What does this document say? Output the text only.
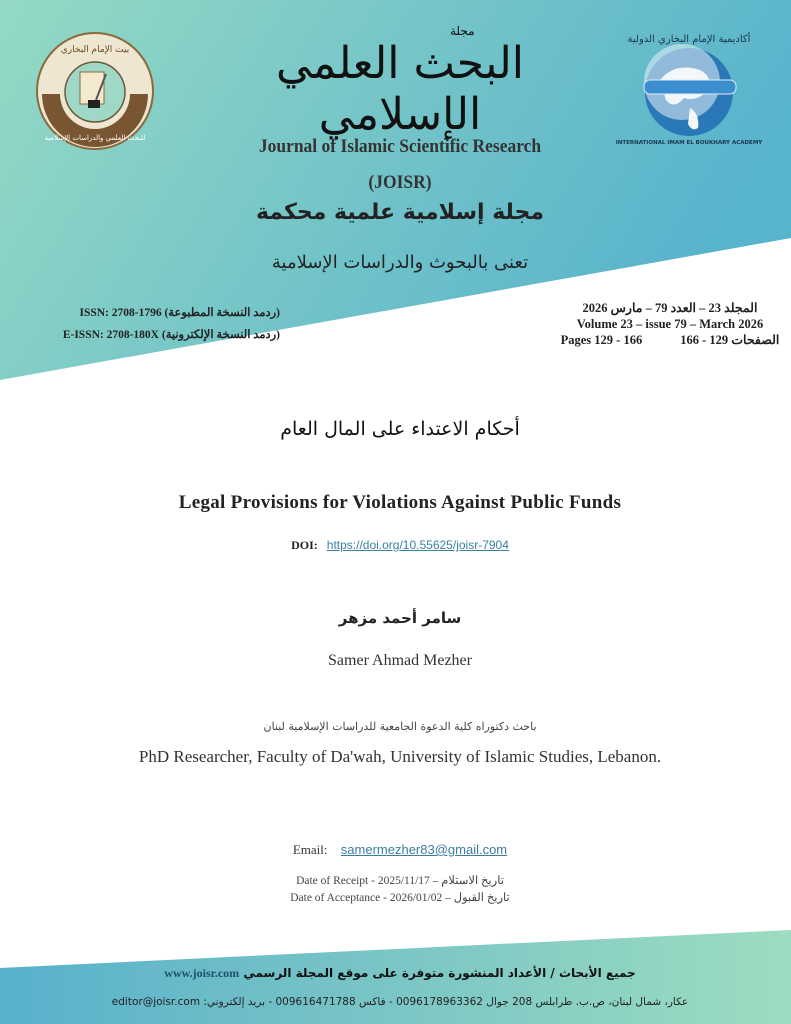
بيت الإمام البخاري
للبحث العلمي والدراسات الإسلامية
أكاديمية الإمام البخاري الدولية
INTERNATIONAL IMAM EL BOUKHARY ACADEMY
مجلة
البحث العلمي الإسلامي
Journal of Islamic Scientific Research
(JOISR)
مجلة إسلامية علمية محكمة
تعنى بالبحوث والدراسات الإسلامية
ISSN: 2708-1796 (ردمد النسخة المطبوعة)
E-ISSN: 2708-180X (ردمد النسخة الإلكترونية)
المجلد 23 – العدد 79 – مارس 2026
Volume 23 – issue 79 – March 2026
Pages 129 - 166	الصفحات 129 - 166
أحكام الاعتداء على المال العام
Legal Provisions for Violations Against Public Funds
DOI: https://doi.org/10.55625/joisr-7904
سامر أحمد مزهر
Samer Ahmad Mezher
باحث دكتوراه كلية الدعوة الجامعية للدراسات الإسلامية لبنان
PhD Researcher, Faculty of Da'wah, University of Islamic Studies, Lebanon.
Email: samermezher83@gmail.com
Date of Receipt - 2025/11/17 – تاريخ الاستلام
Date of Acceptance - 2026/01/02 – تاريخ القبول
جميع الأبحاث / الأعداد المنشورة متوفرة على موقع المجلة الرسمي www.joisr.com
عكار، شمال لبنان، ص.ب. طرابلس 208 جوال 0096178963362 - فاكس 009616471788 - بريد إلكتروني: editor@joisr.com
